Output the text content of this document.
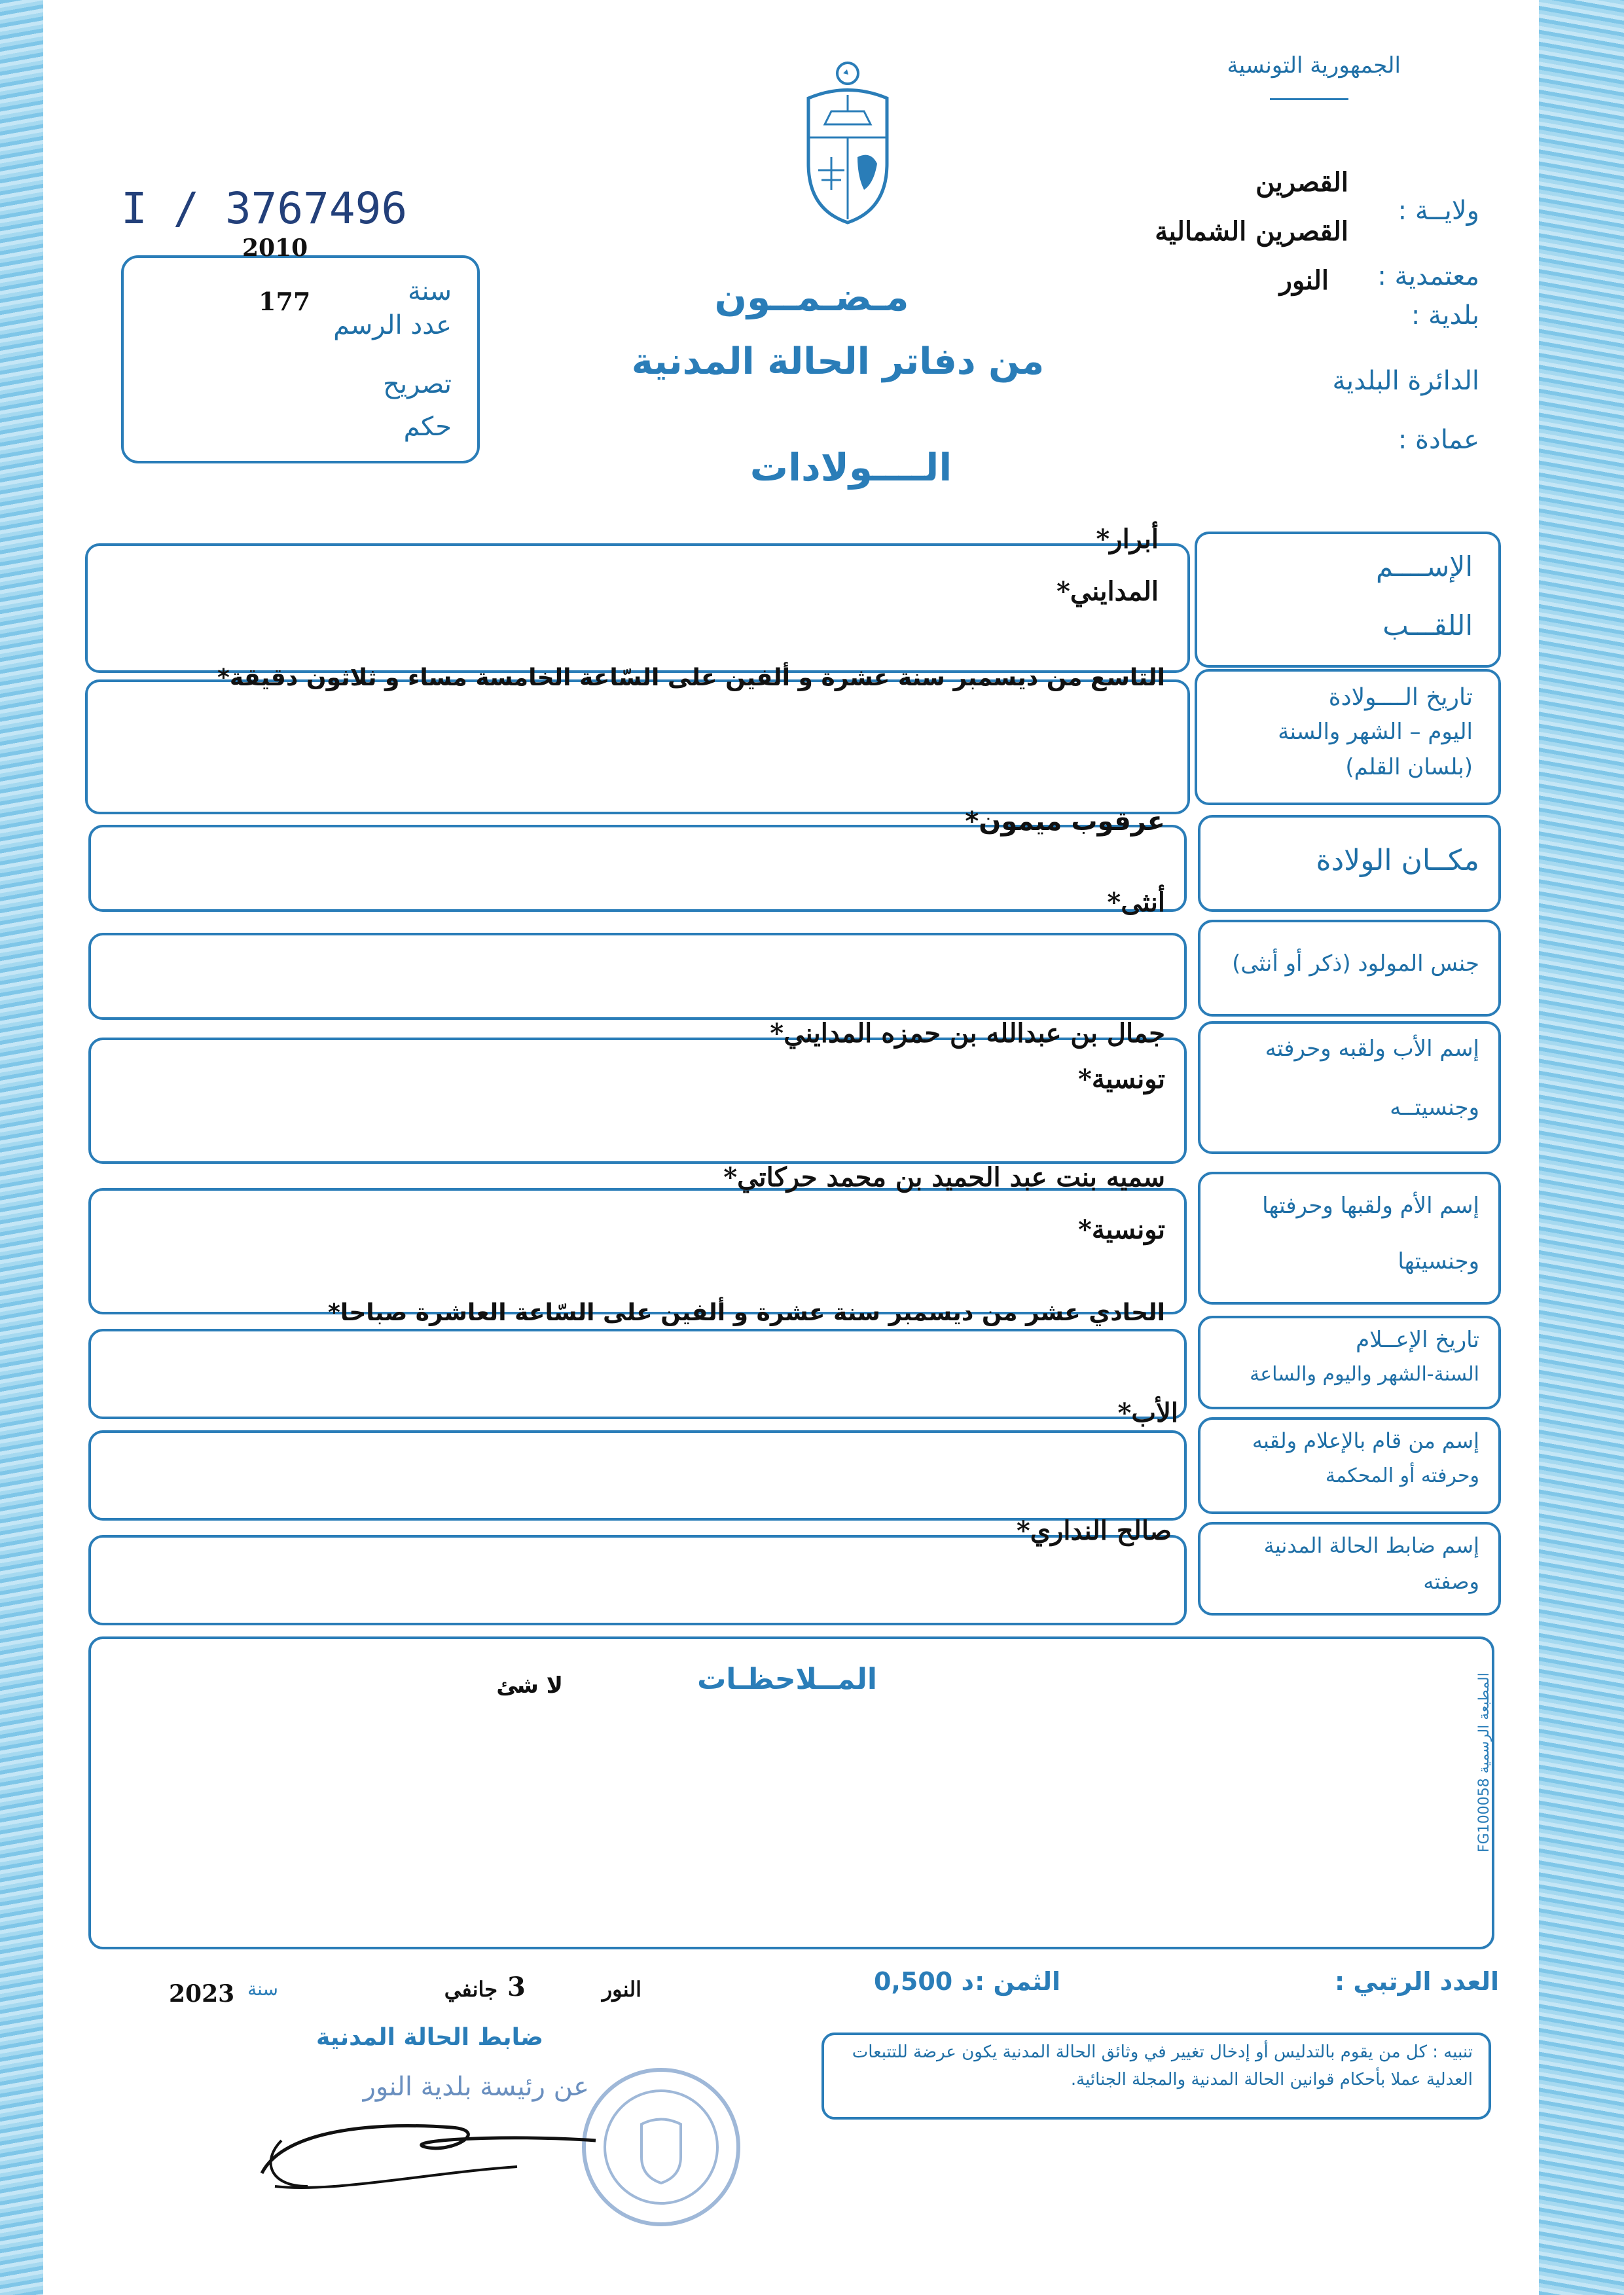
الجمهورية التونسية
I / 3767496
2010
177	سنة
عدد الرسم
تصريح
حكم
ولايــة :
القصرين
معتمدية :
القصرين الشمالية
بلدية :
النور
الدائرة البلدية
عمادة :
مـضـمــون
من دفاتر الحالة المدنية
الــــولادات
الإســــم
اللقـــب
أبرار*
المدايني*
تاريخ الــــولادة
اليوم – الشهر والسنة
(بلسان القلم)
التاسع من ديسمبر سنة عشرة و ألفين على السّاعة الخامسة مساء و ثلاثون دقيقة*
مكــان الولادة
عرقوب ميمون*
جنس المولود (ذكر أو أنثى)
أنثى*
إسم الأب ولقبه وحرفته
وجنسيتــه
جمال بن عبدالله بن حمزه المدايني*
تونسية*
إسم الأم ولقبها وحرفتها
وجنسيتها
سميه بنت عبد الحميد بن محمد حركاتي*
تونسية*
تاريخ الإعــلام
السنة-الشهر واليوم والساعة
الحادي عشر من ديسمبر سنة عشرة و ألفين على السّاعة العاشرة صباحا*
إسم من قام بالإعلام ولقبه
وحرفته أو المحكمة
الأب*
إسم ضابط الحالة المدنية
وصفته
صالح النداري*
المــلاحظـات
لا شئ
المطبعة الرسمية FG100058
العدد الرتبي :
الثمن :
0,500 د
النور
3
جانفي
2023 سنة
ضابط الحالة المدنية
عن رئيسة بلدية النور
تنبيه : كل من يقوم بالتدليس أو إدخال تغيير في وثائق الحالة المدنية يكون عرضة للتتبعات العدلية عملا بأحكام قوانين الحالة المدنية والمجلة الجنائية.
